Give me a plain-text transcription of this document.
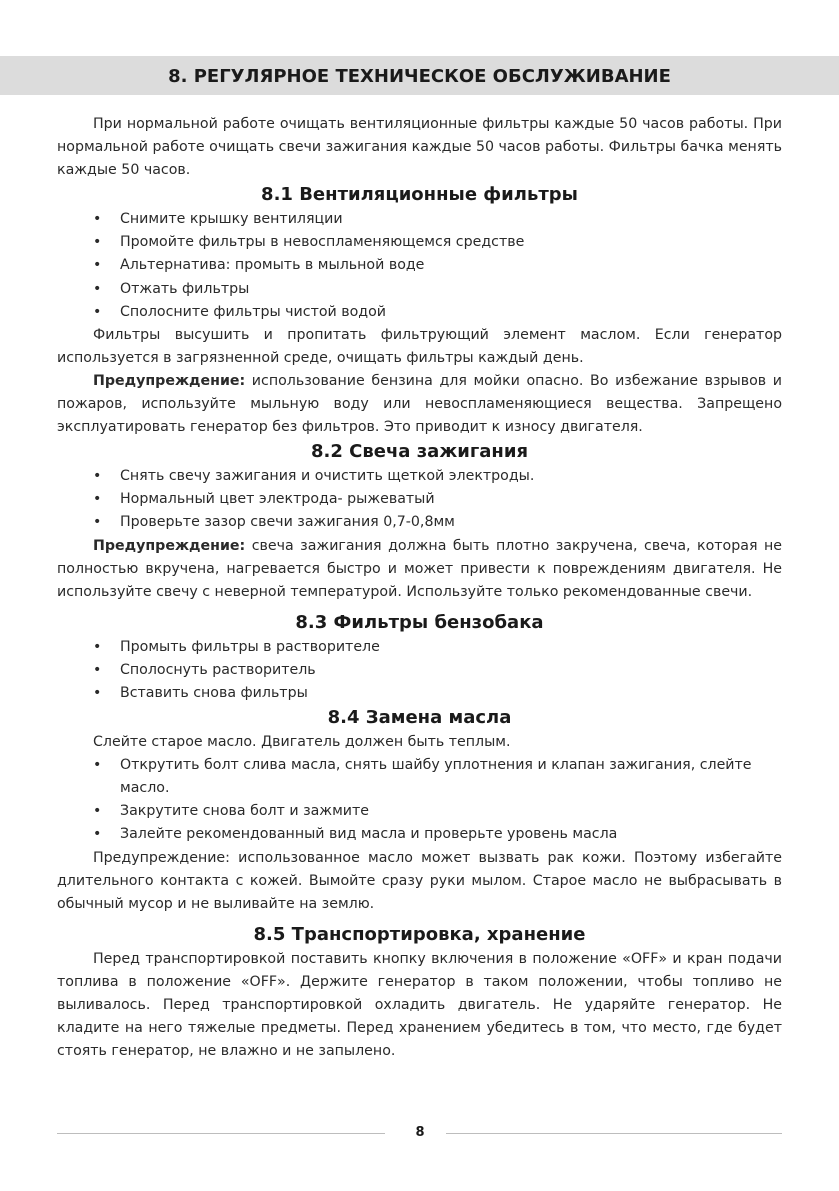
8. РЕГУЛЯРНОЕ ТЕХНИЧЕСКОЕ ОБСЛУЖИВАНИЕ

При нормальной работе очищать вентиляционные фильтры каждые 50 часов работы. При нормальной работе очищать свечи зажигания каждые 50 часов работы. Фильтры бачка менять каждые 50 часов.

8.1 Вентиляционные фильтры
• Снимите крышку вентиляции
• Промойте фильтры в невоспламеняющемся средстве
• Альтернатива: промыть в мыльной воде
• Отжать фильтры
• Сполосните фильтры чистой водой

Фильтры высушить и пропитать фильтрующий элемент маслом. Если генератор используется в загрязненной среде, очищать фильтры каждый день.

Предупреждение: использование бензина для мойки опасно. Во избежание взрывов и пожаров, используйте мыльную воду или невоспламеняющиеся вещества. Запрещено эксплуатировать генератор без фильтров. Это приводит к износу двигателя.

8.2 Свеча зажигания
• Снять свечу зажигания и очистить щеткой электроды.
• Нормальный цвет электрода- рыжеватый
• Проверьте зазор свечи зажигания 0,7-0,8мм

Предупреждение: свеча зажигания должна быть плотно закручена, свеча, которая не полностью вкручена, нагревается быстро и может привести к повреждениям двигателя. Не используйте свечу с неверной температурой. Используйте только рекомендованные свечи.

8.3 Фильтры бензобака
• Промыть фильтры в растворителе
• Сполоснуть растворитель
• Вставить снова фильтры
8.4 Замена масла

Слейте старое масло. Двигатель должен быть теплым.

• Открутить болт слива масла, снять шайбу уплотнения и клапан зажигания, слейте масло.
• Закрутите снова болт и зажмите
• Залейте рекомендованный вид масла и проверьте уровень масла

Предупреждение: использованное масло может вызвать рак кожи. Поэтому избегайте длительного контакта с кожей. Вымойте сразу руки мылом. Старое масло не выбрасывать в обычный мусор и не выливайте на землю.

8.5 Транспортировка, хранение

Перед транспортировкой поставить кнопку включения в положение «OFF» и кран подачи топлива в положение «OFF». Держите генератор в таком положении, чтобы топливо не выливалось. Перед транспортировкой охладить двигатель. Не ударяйте генератор. Не кладите на него тяжелые предметы. Перед хранением убедитесь в том, что место, где будет стоять генератор, не влажно и не запылено.

8
